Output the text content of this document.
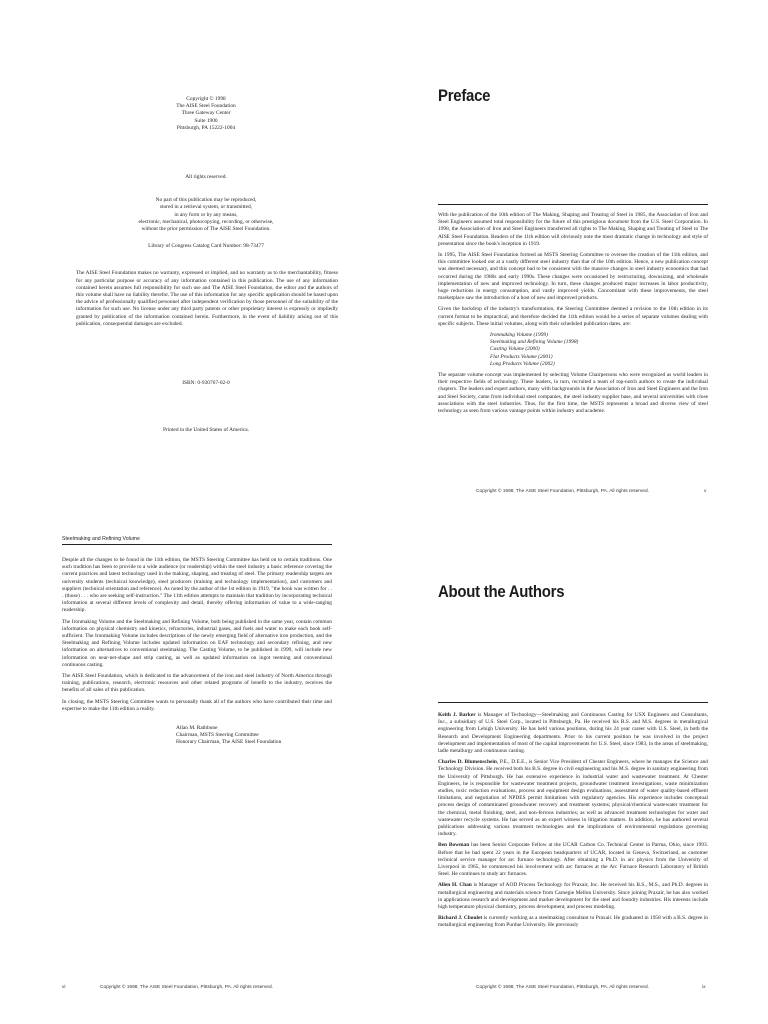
Copyright © 1998

The AISE Steel Foundation

Three Gateway Center

Suite 1900

Pittsburgh, PA 15222-1004

All rights reserved.

No part of this publication may be reproduced,

stored in a retrieval system, or transmitted,

in any form or by any means,

electronic, mechanical, photocopying, recording, or otherwise,

without the prior permission of The AISE Steel Foundation.

Library of Congress Catalog Card Number: 98-73477

The AISE Steel Foundation makes no warranty, expressed or implied, and no warranty as to the merchantability, fitness for any particular purpose or accuracy of any information contained in this publication. The use of any information contained herein assumes full responsibility for such use and The AISE Steel Foundation, the editor and the authors of this volume shall have no liability therefor. The use of this information for any specific application should be based upon the advice of professionally qualified personnel after independent verification by those personnel of the suitability of the information for such use. No license under any third party patents or other proprietary interest is expressly or impliedly granted by publication of the information contained herein. Furthermore, in the event of liability arising out of this publication, consequential damages are excluded.

ISBN: 0-930767-02-0

Printed in the United States of America.

Preface

With the publication of the 10th edition of The Making, Shaping and Treating of Steel in 1985, the Association of Iron and Steel Engineers assumed total responsibility for the future of this prestigious document from the U.S. Steel Corporation. In 1998, the Association of Iron and Steel Engineers transferred all rights to The Making, Shaping and Treating of Steel to The AISE Steel Foundation. Readers of the 11th edition will obviously note the most dramatic change in technology and style of presentation since the book's inception in 1919.

In 1995, The AISE Steel Foundation formed an MSTS Steering Committee to oversee the creation of the 11th edition, and this committee looked out at a vastly different steel industry than that of the 10th edition. Hence, a new publication concept was deemed necessary, and this concept had to be consistent with the massive changes in steel industry economics that had occurred during the 1980s and early 1990s. These changes were occasioned by restructuring, downsizing, and wholesale implementation of new and improved technology. In turn, these changes produced major increases in labor productivity, huge reductions in energy consumption, and vastly improved yields. Concomitant with these improvements, the steel marketplace saw the introduction of a host of new and improved products.

Given the backdrop of the industry's transformation, the Steering Committee deemed a revision to the 10th edition in its current format to be impractical, and therefore decided the 11th edition would be a series of separate volumes dealing with specific subjects. These initial volumes, along with their scheduled publication dates, are:

Ironmaking Volume (1999)
Steelmaking and Refining Volume (1998)
Casting Volume (2000)
Flat Products Volume (2001)
Long Products Volume (2002)

The separate volume concept was implemented by selecting Volume Chairpersons who were recognized as world leaders in their respective fields of technology. These leaders, in turn, recruited a team of top-notch authors to create the individual chapters. The leaders and expert authors, many with backgrounds in the Association of Iron and Steel Engineers and the Iron and Steel Society, came from individual steel companies, the steel industry supplier base, and several universities with close associations with the steel industries. Thus, for the first time, the MSTS represents a broad and diverse view of steel technology as seen from various vantage points within industry and academe.

Copyright © 1998, The AISE Steel Foundation, Pittsburgh, PA. All rights reserved.	v
Steelmaking and Refining Volume

Despite all the changes to be found in the 11th edition, the MSTS Steering Committee has held on to certain traditions. One such tradition has been to provide to a wide audience (or readership) within the steel industry a basic reference covering the current practices and latest technology used in the making, shaping, and treating of steel. The primary readership targets are university students (technical knowledge), steel producers (training and technology implementation), and customers and suppliers (technical orientation and reference). As noted by the author of the 1st edition in 1919, "the book was written for . . . (those) . . . who are seeking self-instruction." The 11th edition attempts to maintain that tradition by incorporating technical information at several different levels of complexity and detail, thereby offering information of value to a wide-ranging readership.

The Ironmaking Volume and the Steelmaking and Refining Volume, both being published in the same year, contain common information on physical chemistry and kinetics, refractories, industrial gases, and fuels and water to make each book self-sufficient. The Ironmaking Volume includes descriptions of the newly emerging field of alternative iron production, and the Steelmaking and Refining Volume includes updated information on EAF technology and secondary refining, and new information on alternatives to conventional steelmaking. The Casting Volume, to be published in 1999, will include new information on near-net-shape and strip casting, as well as updated information on ingot teeming and conventional continuous casting.

The AISE Steel Foundation, which is dedicated to the advancement of the iron and steel industry of North America through training, publications, research, electronic resources and other related programs of benefit to the industry, receives the benefits of all sales of this publication.

In closing, the MSTS Steering Committee wants to personally thank all of the authors who have contributed their time and expertise to make the 11th edition a reality.

Allan M. Rathbone

Chairman, MSTS Steering Committee

Honorary Chairman, The AISE Steel Foundation

vi	Copyright © 1998, The AISE Steel Foundation, Pittsburgh, PA. All rights reserved.
About the Authors

Keith J. Barker is Manager of Technology—Steelmaking and Continuous Casting for USX Engineers and Consultants, Inc., a subsidiary of U.S. Steel Corp., located in Pittsburgh, Pa. He received his B.S. and M.S. degrees in metallurgical engineering from Lehigh University. He has held various positions, during his 24 year career with U.S. Steel, in both the Research and Development Engineering departments. Prior to his current position he was involved in the project development and implementation of most of the capital improvements for U.S. Steel, since 1983, in the areas of steelmaking, ladle metallurgy and continuous casting.

Charles D. Blumenschein, P.E., D.E.E., is Senior Vice President of Chester Engineers, where he manages the Science and Technology Division. He received both his B.S. degree in civil engineering and his M.S. degree in sanitary engineering from the University of Pittsburgh. He has extensive experience in industrial water and wastewater treatment. At Chester Engineers, he is responsible for wastewater treatment projects, groundwater treatment investigations, waste minimization studies, toxic reduction evaluations, process and equipment design evaluations, assessment of water quality-based effluent limitations, and negotiation of NPDES permit limitations with regulatory agencies. His experience includes conceptual process design of contaminated groundwater recovery and treatment systems; physical/chemical wastewater treatment for the chemical, metal finishing, steel, and non-ferrous industries; as well as advanced treatment technologies for water and wastewater recycle systems. He has served as an expert witness in litigation matters. In addition, he has authored several publications addressing various treatment technologies and the implications of environmental regulations governing industry.

Ben Bowman has been Senior Corporate Fellow at the UCAR Carbon Co. Technical Center in Parma, Ohio, since 1993. Before that he had spent 22 years in the European headquarters of UCAR, located in Geneva, Switzerland, as customer technical service manager for arc furnace technology. After obtaining a Ph.D. in arc physics from the University of Liverpool in 1965, he commenced his involvement with arc furnaces at the Arc Furnace Research Laboratory of British Steel. He continues to study arc furnaces.

Allen H. Chan is Manager of AOD Process Technology for Praxair, Inc. He received his B.S., M.S., and Ph.D. degrees in metallurgical engineering and materials science from Carnegie Mellon University. Since joining Praxair, he has also worked in applications research and development and market development for the steel and foundry industries. His interests include high temperature physical chemistry, process development, and process modeling.

Richard J. Choulet is currently working as a steelmaking consultant to Praxair. He graduated in 1958 with a B.S. degree in metallurgical engineering from Purdue University. He previously

Copyright © 1998, The AISE Steel Foundation, Pittsburgh, PA. All rights reserved.	ix
